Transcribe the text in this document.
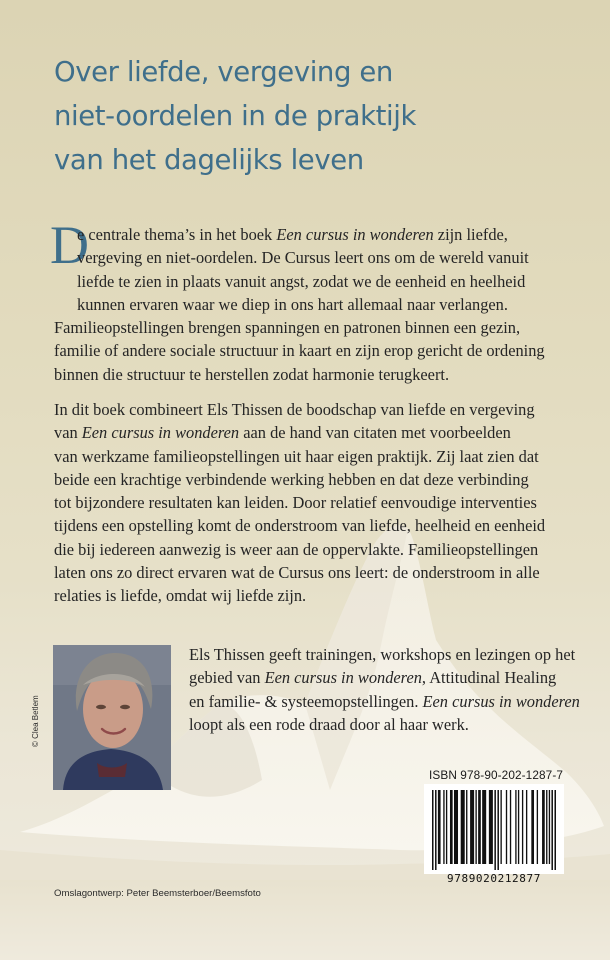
Over liefde, vergeving en
niet-oordelen in de praktijk
van het dagelijks leven
D
e centrale thema’s in het boek Een cursus in wonderen zijn liefde,
vergeving en niet-oordelen. De Cursus leert ons om de wereld vanuit
liefde te zien in plaats vanuit angst, zodat we de eenheid en heelheid
kunnen ervaren waar we diep in ons hart allemaal naar verlangen.
Familieopstellingen brengen spanningen en patronen binnen een gezin,
familie of andere sociale structuur in kaart en zijn erop gericht de ordening
binnen die structuur te herstellen zodat harmonie terugkeert.
In dit boek combineert Els Thissen de boodschap van liefde en vergeving
van Een cursus in wonderen aan de hand van citaten met voorbeelden
van werkzame familieopstellingen uit haar eigen praktijk. Zij laat zien dat
beide een krachtige verbindende werking hebben en dat deze verbinding
tot bijzondere resultaten kan leiden. Door relatief eenvoudige interventies
tijdens een opstelling komt de onderstroom van liefde, heelheid en eenheid
die bij iedereen aanwezig is weer aan de oppervlakte. Familieopstellingen
laten ons zo direct ervaren wat de Cursus ons leert: de onderstroom in alle
relaties is liefde, omdat wij liefde zijn.
© Clea Betlem
Els Thissen geeft trainingen, workshops en lezingen op het
gebied van Een cursus in wonderen, Attitudinal Healing
en familie- & systeemopstellingen. Een cursus in wonderen
loopt als een rode draad door al haar werk.
ISBN 978-90-202-1287-7
9789020212877
Omslagontwerp: Peter Beemsterboer/Beemsfoto
